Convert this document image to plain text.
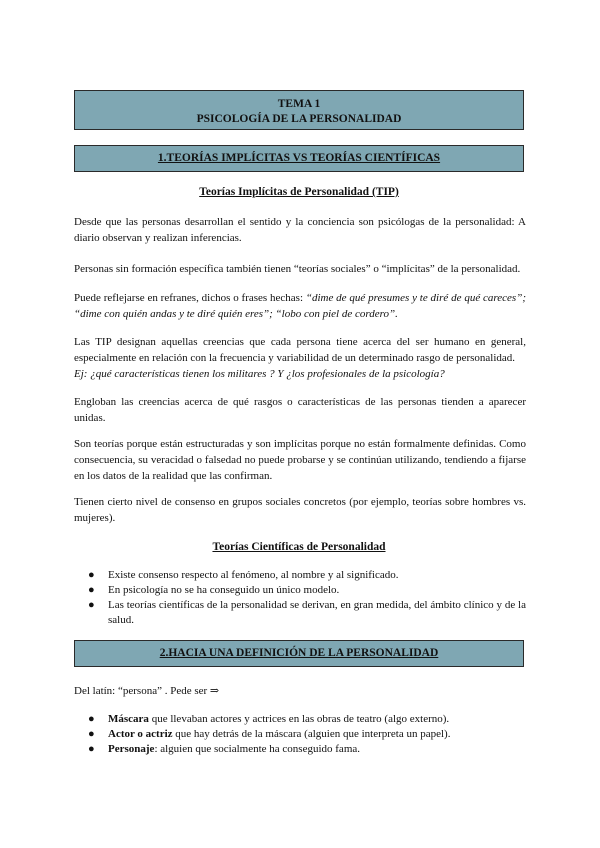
TEMA 1
PSICOLOGÍA DE LA PERSONALIDAD
1.TEORÍAS IMPLÍCITAS VS TEORÍAS CIENTÍFICAS
Teorías Implícitas de Personalidad (TIP)

Desde que las personas desarrollan el sentido y la conciencia son psicólogas de la personalidad: A diario observan y realizan inferencias.

Personas sin formación específica también tienen “teorías sociales” o “implícitas” de la personalidad.

Puede reflejarse en refranes, dichos o frases hechas: “dime de qué presumes y te diré de qué careces”; “dime con quién andas y te diré quién eres”; “lobo con piel de cordero”.

Las TIP designan aquellas creencias que cada persona tiene acerca del ser humano en general, especialmente en relación con la frecuencia y variabilidad de un determinado rasgo de personalidad.
Ej: ¿qué características tienen los militares ? Y ¿los profesionales de la psicología?

Engloban las creencias acerca de qué rasgos o características de las personas tienden a aparecer unidas.

Son teorías porque están estructuradas y son implícitas porque no están formalmente definidas. Como consecuencia, su veracidad o falsedad no puede probarse y se continúan utilizando, tendiendo a fijarse en los datos de la realidad que las confirman.

Tienen cierto nivel de consenso en grupos sociales concretos (por ejemplo, teorías sobre hombres vs. mujeres).

Teorías Científicas de Personalidad
● Existe consenso respecto al fenómeno, al nombre y al significado.
● En psicología no se ha conseguido un único modelo.
● Las teorías científicas de la personalidad se derivan, en gran medida, del ámbito clínico y de la salud.
2.HACIA UNA DEFINICIÓN DE LA PERSONALIDAD

Del latín: “persona” . Pede ser ⇒

● Máscara que llevaban actores y actrices en las obras de teatro (algo externo).
● Actor o actriz que hay detrás de la máscara (alguien que interpreta un papel).
● Personaje: alguien que socialmente ha conseguido fama.
